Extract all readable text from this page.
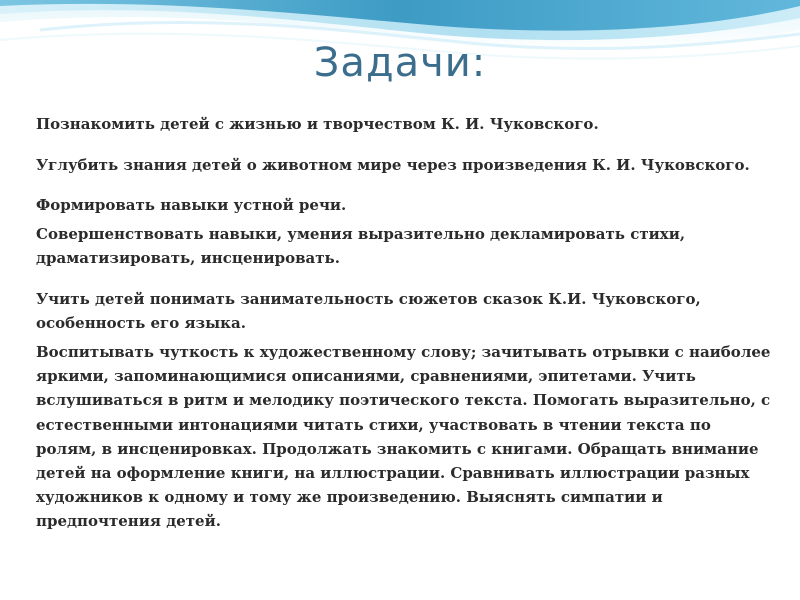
Задачи:

Познакомить детей с жизнью и творчеством К. И. Чуковского.

Углубить знания детей о животном мире через произведения К. И. Чуковского.

Формировать навыки устной речи.

Совершенствовать навыки, умения выразительно декламировать стихи, драматизировать, инсценировать.

Учить детей понимать занимательность сюжетов сказок К.И. Чуковского, особенность его языка.

Воспитывать чуткость к художественному слову; зачитывать отрывки с наиболее яркими, запоминающимися описаниями, сравнениями, эпитетами. Учить вслушиваться в ритм и мелодику поэтического текста. Помогать выразительно, с естественными интонациями читать стихи, участвовать в чтении текста по ролям, в инсценировках. Продолжать знакомить с книгами. Обращать внимание детей на оформление книги, на иллюстрации. Сравнивать иллюстрации разных художников к одному и тому же произведению. Выяснять симпатии и предпочтения детей.
